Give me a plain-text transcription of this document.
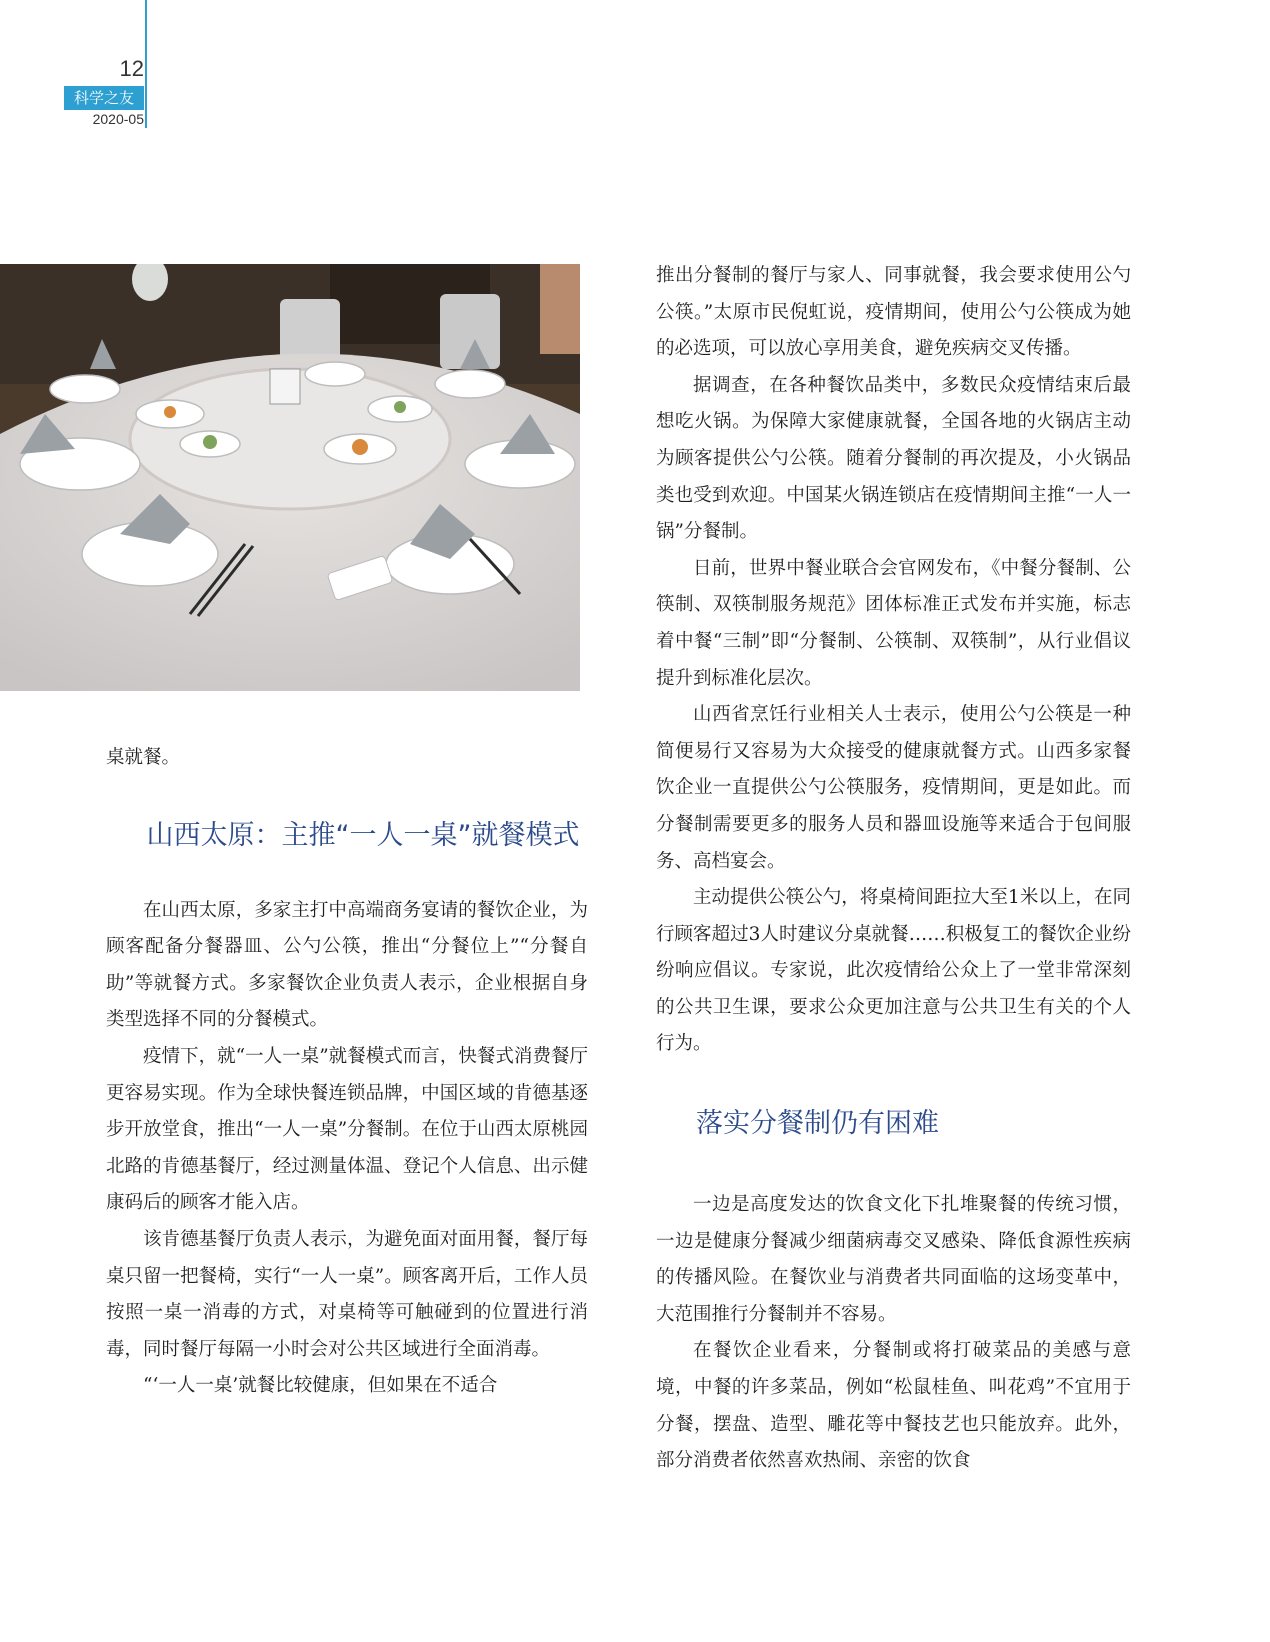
12
科学之友
2020-05

桌就餐。

山西太原：主推“一人一桌”就餐模式

在山西太原，多家主打中高端商务宴请的餐饮企业，为顾客配备分餐器皿、公勺公筷，推出“分餐位上”“分餐自助”等就餐方式。多家餐饮企业负责人表示，企业根据自身类型选择不同的分餐模式。

疫情下，就“一人一桌”就餐模式而言，快餐式消费餐厅更容易实现。作为全球快餐连锁品牌，中国区域的肯德基逐步开放堂食，推出“一人一桌”分餐制。在位于山西太原桃园北路的肯德基餐厅，经过测量体温、登记个人信息、出示健康码后的顾客才能入店。

该肯德基餐厅负责人表示，为避免面对面用餐，餐厅每桌只留一把餐椅，实行“一人一桌”。顾客离开后，工作人员按照一桌一消毒的方式，对桌椅等可触碰到的位置进行消毒，同时餐厅每隔一小时会对公共区域进行全面消毒。

“‘一人一桌’就餐比较健康，但如果在不适合

推出分餐制的餐厅与家人、同事就餐，我会要求使用公勺公筷。”太原市民倪虹说，疫情期间，使用公勺公筷成为她的必选项，可以放心享用美食，避免疾病交叉传播。

据调查，在各种餐饮品类中，多数民众疫情结束后最想吃火锅。为保障大家健康就餐，全国各地的火锅店主动为顾客提供公勺公筷。随着分餐制的再次提及，小火锅品类也受到欢迎。中国某火锅连锁店在疫情期间主推“一人一锅”分餐制。

日前，世界中餐业联合会官网发布，《中餐分餐制、公筷制、双筷制服务规范》团体标准正式发布并实施，标志着中餐“三制”即“分餐制、公筷制、双筷制”，从行业倡议提升到标准化层次。

山西省烹饪行业相关人士表示，使用公勺公筷是一种简便易行又容易为大众接受的健康就餐方式。山西多家餐饮企业一直提供公勺公筷服务，疫情期间，更是如此。而分餐制需要更多的服务人员和器皿设施等来适合于包间服务、高档宴会。

主动提供公筷公勺，将桌椅间距拉大至1米以上，在同行顾客超过3人时建议分桌就餐……积极复工的餐饮企业纷纷响应倡议。专家说，此次疫情给公众上了一堂非常深刻的公共卫生课，要求公众更加注意与公共卫生有关的个人行为。

落实分餐制仍有困难

一边是高度发达的饮食文化下扎堆聚餐的传统习惯，一边是健康分餐减少细菌病毒交叉感染、降低食源性疾病的传播风险。在餐饮业与消费者共同面临的这场变革中，大范围推行分餐制并不容易。

在餐饮企业看来，分餐制或将打破菜品的美感与意境，中餐的许多菜品，例如“松鼠桂鱼、叫花鸡”不宜用于分餐，摆盘、造型、雕花等中餐技艺也只能放弃。此外，部分消费者依然喜欢热闹、亲密的饮食
